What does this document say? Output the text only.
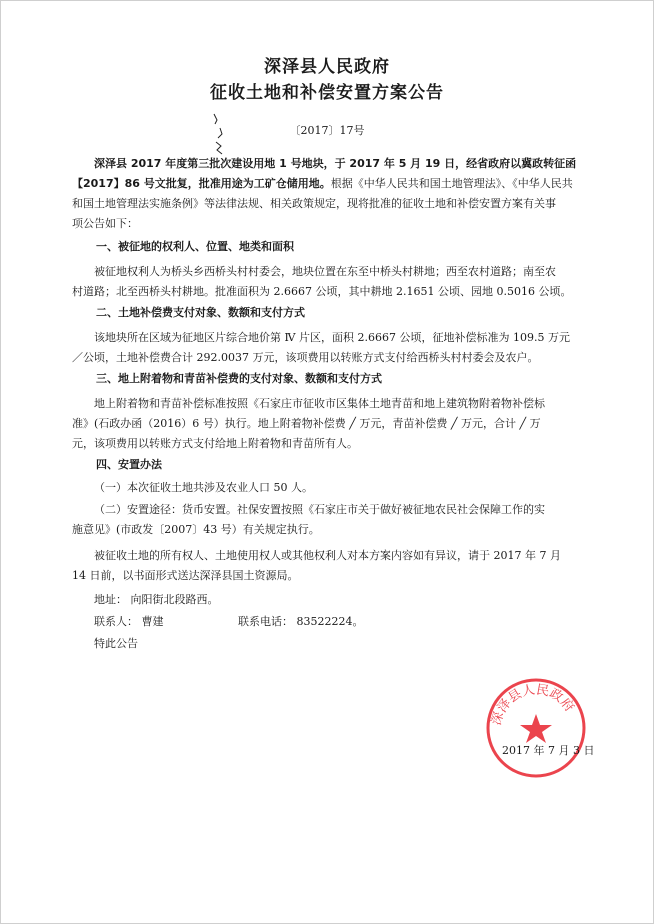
深泽县人民政府
征收土地和补偿安置方案公告
〔2017〕17号
深泽县 2017 年度第三批次建设用地 1 号地块，于 2017 年 5 月 19 日，经省政府以冀政转征函
【2017】86 号文批复，批准用途为工矿仓储用地。根据《中华人民共和国土地管理法》、《中华人民共
和国土地管理法实施条例》等法律法规、相关政策规定，现将批准的征收土地和补偿安置方案有关事
项公告如下：
一、被征地的权利人、位置、地类和面积
被征地权利人为桥头乡西桥头村村委会，地块位置在东至中桥头村耕地；西至农村道路；南至农
村道路；北至西桥头村耕地。批准面积为 2.6667 公顷，其中耕地 2.1651 公顷、园地 0.5016 公顷。
二、土地补偿费支付对象、数额和支付方式
该地块所在区域为征地区片综合地价第 Ⅳ 片区，面积 2.6667 公顷，征地补偿标准为 109.5 万元
／公顷，土地补偿费合计 292.0037 万元，该项费用以转账方式支付给西桥头村村委会及农户。
三、地上附着物和青苗补偿费的支付对象、数额和支付方式
地上附着物和青苗补偿标准按照《石家庄市征收市区集体土地青苗和地上建筑物附着物补偿标
准》(石政办函（2016）6 号）执行。地上附着物补偿费 ╱ 万元，青苗补偿费 ╱ 万元，合计 ╱ 万
元，该项费用以转账方式支付给地上附着物和青苗所有人。
四、安置办法
（一）本次征收土地共涉及农业人口 50 人。
（二）安置途径：货币安置。社保安置按照《石家庄市关于做好被征地农民社会保障工作的实
施意见》(市政发〔2007〕43 号）有关规定执行。
被征收土地的所有权人、土地使用权人或其他权利人对本方案内容如有异议，请于 2017 年 7 月
14 日前，以书面形式送达深泽县国土资源局。
地址： 向阳街北段路西。
联系人： 曹建	联系电话： 83522224。
特此公告
深泽县人民政府
2017 年 7 月 3 日
